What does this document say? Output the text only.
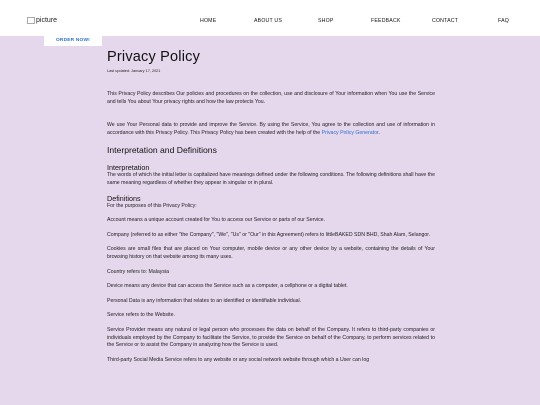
picture	HOME	ABOUT US	SHOP	FEEDBACK	CONTACT	FAQ
ORDER NOW!
Privacy Policy
Last updated: January 17, 2021

This Privacy Policy describes Our policies and procedures on the collection, use and disclosure of Your information when You use the Service and tells You about Your privacy rights and how the law protects You.

We use Your Personal data to provide and improve the Service. By using the Service, You agree to the collection and use of information in accordance with this Privacy Policy. This Privacy Policy has been created with the help of the Privacy Policy Generator.

Interpretation and Definitions
Interpretation

The words of which the initial letter is capitalized have meanings defined under the following conditions. The following definitions shall have the same meaning regardless of whether they appear in singular or in plural.

Definitions

For the purposes of this Privacy Policy:

Account means a unique account created for You to access our Service or parts of our Service.

Company (referred to as either "the Company", "We", "Us" or "Our" in this Agreement) refers to littleBAKED SDN BHD, Shah Alam, Selangor.

Cookies are small files that are placed on Your computer, mobile device or any other device by a website, containing the details of Your browsing history on that website among its many uses.

Country refers to: Malaysia

Device means any device that can access the Service such as a computer, a cellphone or a digital tablet.

Personal Data is any information that relates to an identified or identifiable individual.

Service refers to the Website.

Service Provider means any natural or legal person who processes the data on behalf of the Company. It refers to third-party companies or individuals employed by the Company to facilitate the Service, to provide the Service on behalf of the Company, to perform services related to the Service or to assist the Company in analyzing how the Service is used.

Third-party Social Media Service refers to any website or any social network website through which a User can log
